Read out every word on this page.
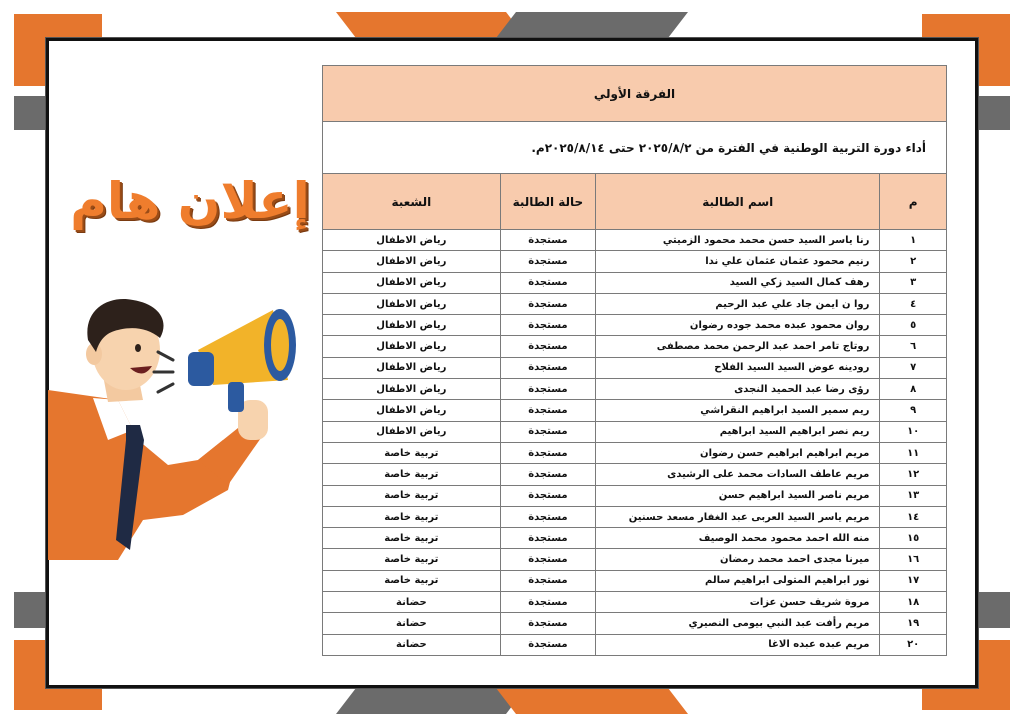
إعلان هام
الفرقة الأولي			
أداء دورة التربية الوطنية في الفترة من ٢٠٢٥/٨/٢ حتى ٢٠٢٥/٨/١٤م.			
م	اسم الطالبة	حالة الطالبة	الشعبة
١	رنا ياسر السيد حسن محمد محمود الزميتي	مستجدة	رياض الاطفال
٢	رنيم محمود عثمان عثمان علي ندا	مستجدة	رياض الاطفال
٣	رهف كمال السيد زكي السيد	مستجدة	رياض الاطفال
٤	روا ن ايمن جاد علي عبد الرحيم	مستجدة	رياض الاطفال
٥	روان محمود عبده محمد جوده رضوان	مستجدة	رياض الاطفال
٦	روتاج تامر احمد عبد الرحمن محمد مصطفى	مستجدة	رياض الاطفال
٧	رودينه عوض السيد السيد الفلاح	مستجدة	رياض الاطفال
٨	رؤى رضا عبد الحميد النجدى	مستجدة	رياض الاطفال
٩	ريم سمير السيد ابراهيم النقراشي	مستجدة	رياض الاطفال
١٠	ريم نصر ابراهيم السيد ابراهيم	مستجدة	رياض الاطفال
١١	مريم ابراهيم ابراهيم حسن رضوان	مستجدة	تربية خاصة
١٢	مريم عاطف السادات محمد على الرشيدى	مستجدة	تربية خاصة
١٣	مريم ناصر السيد ابراهيم حسن	مستجدة	تربية خاصة
١٤	مريم ياسر السيد العربى عبد الغفار مسعد حسنين	مستجدة	تربية خاصة
١٥	منه الله احمد محمود محمد الوصيف	مستجدة	تربية خاصة
١٦	ميرنا مجدى احمد محمد رمضان	مستجدة	تربية خاصة
١٧	نور ابراهيم المتولى ابراهيم سالم	مستجدة	تربية خاصة
١٨	مروة شريف حسن عزات	مستجدة	حضانة
١٩	مريم رأفت عبد النبي بيومى النصيري	مستجدة	حضانة
٢٠	مريم عبده عبده الاغا	مستجدة	حضانة
